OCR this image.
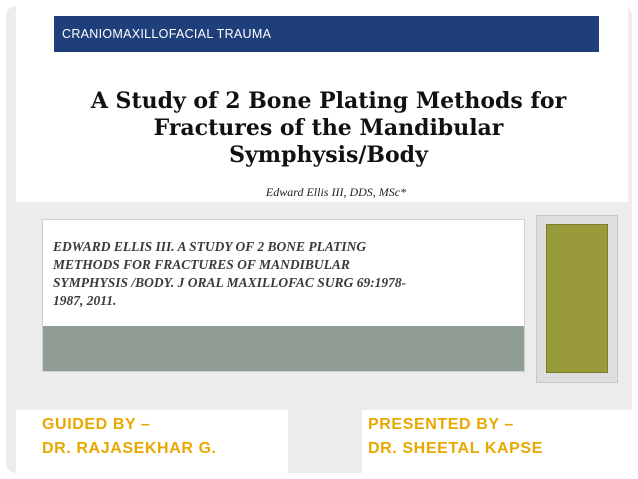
CRANIOMAXILLOFACIAL TRAUMA
A Study of 2 Bone Plating Methods for
Fractures of the Mandibular
Symphysis/Body

Edward Ellis III, DDS, MSc*

EDWARD ELLIS III. A STUDY OF 2 BONE PLATING
METHODS FOR FRACTURES OF MANDIBULAR
SYMPHYSIS /BODY. J ORAL MAXILLOFAC SURG 69:1978-
1987, 2011.

GUIDED BY –

DR. RAJASEKHAR G.

PRESENTED BY –

DR. SHEETAL KAPSE
